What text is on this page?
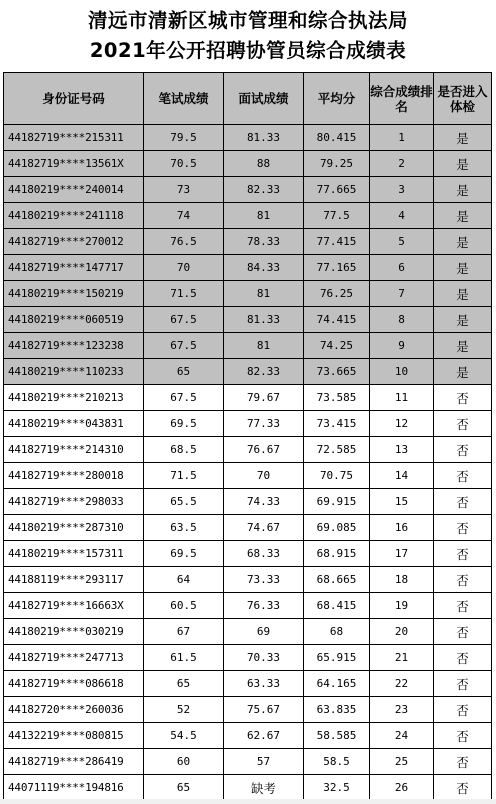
清远市清新区城市管理和综合执法局
2021年公开招聘协管员综合成绩表
身份证号码	笔试成绩	面试成绩	平均分	综合成绩排名	是否进入体检
44182719****215311	79.5	81.33	80.415	1	是
44182719****13561X	70.5	88	79.25	2	是
44180219****240014	73	82.33	77.665	3	是
44180219****241118	74	81	77.5	4	是
44182719****270012	76.5	78.33	77.415	5	是
44182719****147717	70	84.33	77.165	6	是
44180219****150219	71.5	81	76.25	7	是
44180219****060519	67.5	81.33	74.415	8	是
44182719****123238	67.5	81	74.25	9	是
44180219****110233	65	82.33	73.665	10	是
44180219****210213	67.5	79.67	73.585	11	否
44180219****043831	69.5	77.33	73.415	12	否
44182719****214310	68.5	76.67	72.585	13	否
44182719****280018	71.5	70	70.75	14	否
44182719****298033	65.5	74.33	69.915	15	否
44180219****287310	63.5	74.67	69.085	16	否
44180219****157311	69.5	68.33	68.915	17	否
44188119****293117	64	73.33	68.665	18	否
44182719****16663X	60.5	76.33	68.415	19	否
44180219****030219	67	69	68	20	否
44182719****247713	61.5	70.33	65.915	21	否
44182719****086618	65	63.33	64.165	22	否
44182720****260036	52	75.67	63.835	23	否
44132219****080815	54.5	62.67	58.585	24	否
44182719****286419	60	57	58.5	25	否
44071119****194816	65	缺考	32.5	26	否
